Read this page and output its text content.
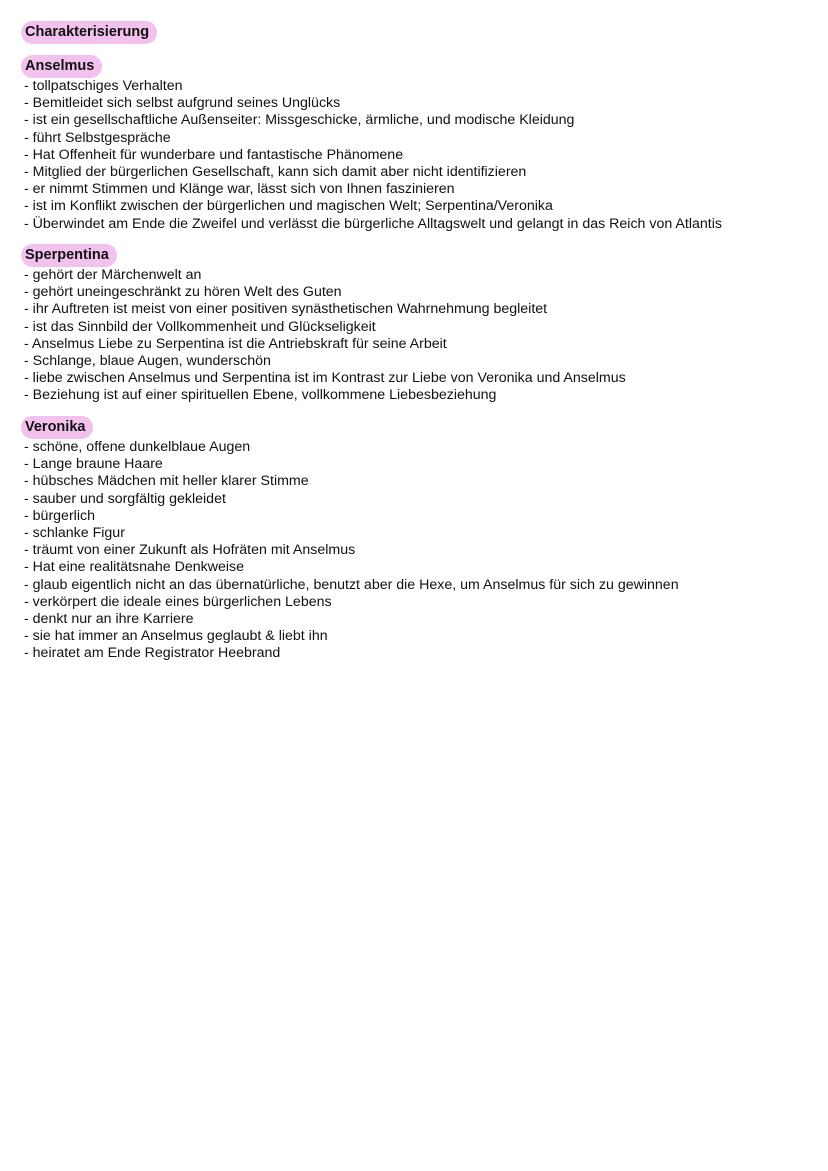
Charakterisierung
Anselmus
- tollpatschiges Verhalten
- Bemitleidet sich selbst aufgrund seines Unglücks
- ist ein gesellschaftliche Außenseiter: Missgeschicke, ärmliche, und modische Kleidung
- führt Selbstgespräche
- Hat Offenheit für wunderbare und fantastische Phänomene
- Mitglied der bürgerlichen Gesellschaft, kann sich damit aber nicht identifizieren
- er nimmt Stimmen und Klänge war, lässt sich von Ihnen faszinieren
- ist im Konflikt zwischen der bürgerlichen und magischen Welt; Serpentina/Veronika
- Überwindet am Ende die Zweifel und verlässt die bürgerliche Alltagswelt und gelangt in das Reich von Atlantis
Sperpentina
- gehört der Märchenwelt an
- gehört uneingeschränkt zu hören Welt des Guten
- ihr Auftreten ist meist von einer positiven synästhetischen Wahrnehmung begleitet
- ist das Sinnbild der Vollkommenheit und Glückseligkeit
- Anselmus Liebe zu Serpentina ist die Antriebskraft für seine Arbeit
- Schlange, blaue Augen, wunderschön
- liebe zwischen Anselmus und Serpentina ist im Kontrast zur Liebe von Veronika und Anselmus
- Beziehung ist auf einer spirituellen Ebene, vollkommene Liebesbeziehung
Veronika
- schöne, offene dunkelblaue Augen
- Lange braune Haare
- hübsches Mädchen mit heller klarer Stimme
- sauber und sorgfältig gekleidet
- bürgerlich
- schlanke Figur
- träumt von einer Zukunft als Hofräten mit Anselmus
- Hat eine realitätsnahe Denkweise
- glaub eigentlich nicht an das übernatürliche, benutzt aber die Hexe, um Anselmus für sich zu gewinnen
- verkörpert die ideale eines bürgerlichen Lebens
- denkt nur an ihre Karriere
- sie hat immer an Anselmus geglaubt & liebt ihn
- heiratet am Ende Registrator Heebrand
